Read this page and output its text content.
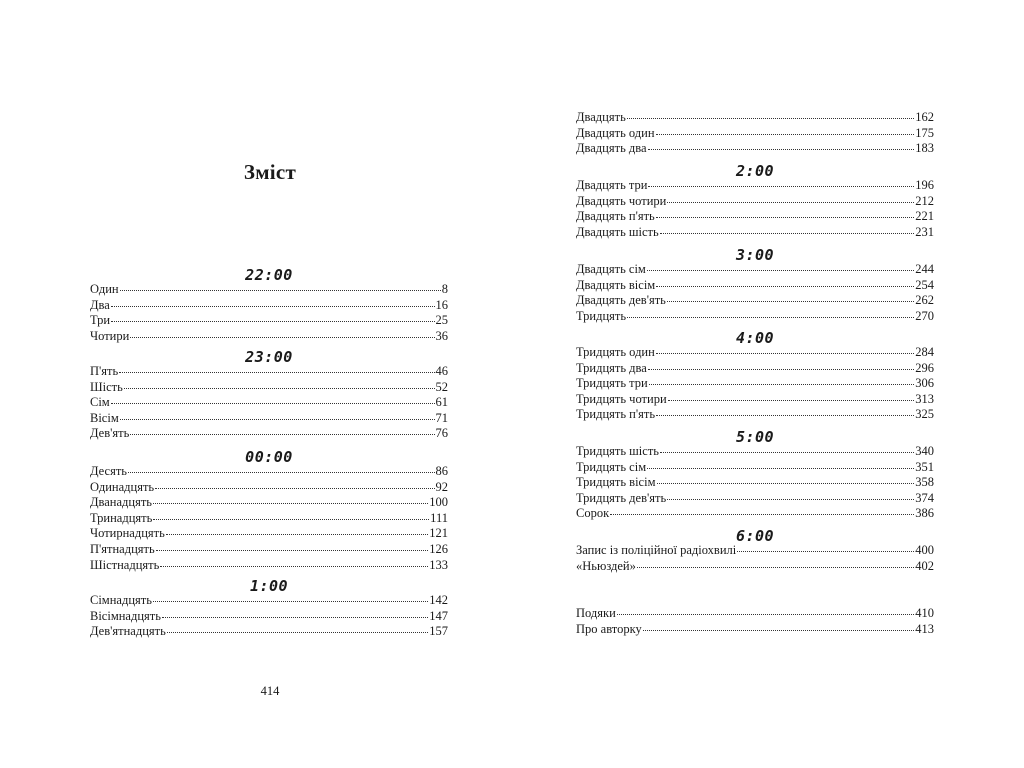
Зміст
22:00
Один	8
Два	16
Три	25
Чотири	36
23:00
П'ять	46
Шість	52
Сім	61
Вісім	71
Дев'ять	76
00:00
Десять	86
Одинадцять	92
Дванадцять	100
Тринадцять	111
Чотирнадцять	121
П'ятнадцять	126
Шістнадцять	133
1:00
Сімнадцять	142
Вісімнадцять	147
Дев'ятнадцять	157
414
Двадцять	162
Двадцять один	175
Двадцять два	183
2:00
Двадцять три	196
Двадцять чотири	212
Двадцять п'ять	221
Двадцять шість	231
3:00
Двадцять сім	244
Двадцять вісім	254
Двадцять дев'ять	262
Тридцять	270
4:00
Тридцять один	284
Тридцять два	296
Тридцять три	306
Тридцять чотири	313
Тридцять п'ять	325
5:00
Тридцять шість	340
Тридцять сім	351
Тридцять вісім	358
Тридцять дев'ять	374
Сорок	386
6:00
Запис із поліційної радіохвилі	400
«Ньюздей»	402
Подяки	410
Про авторку	413
